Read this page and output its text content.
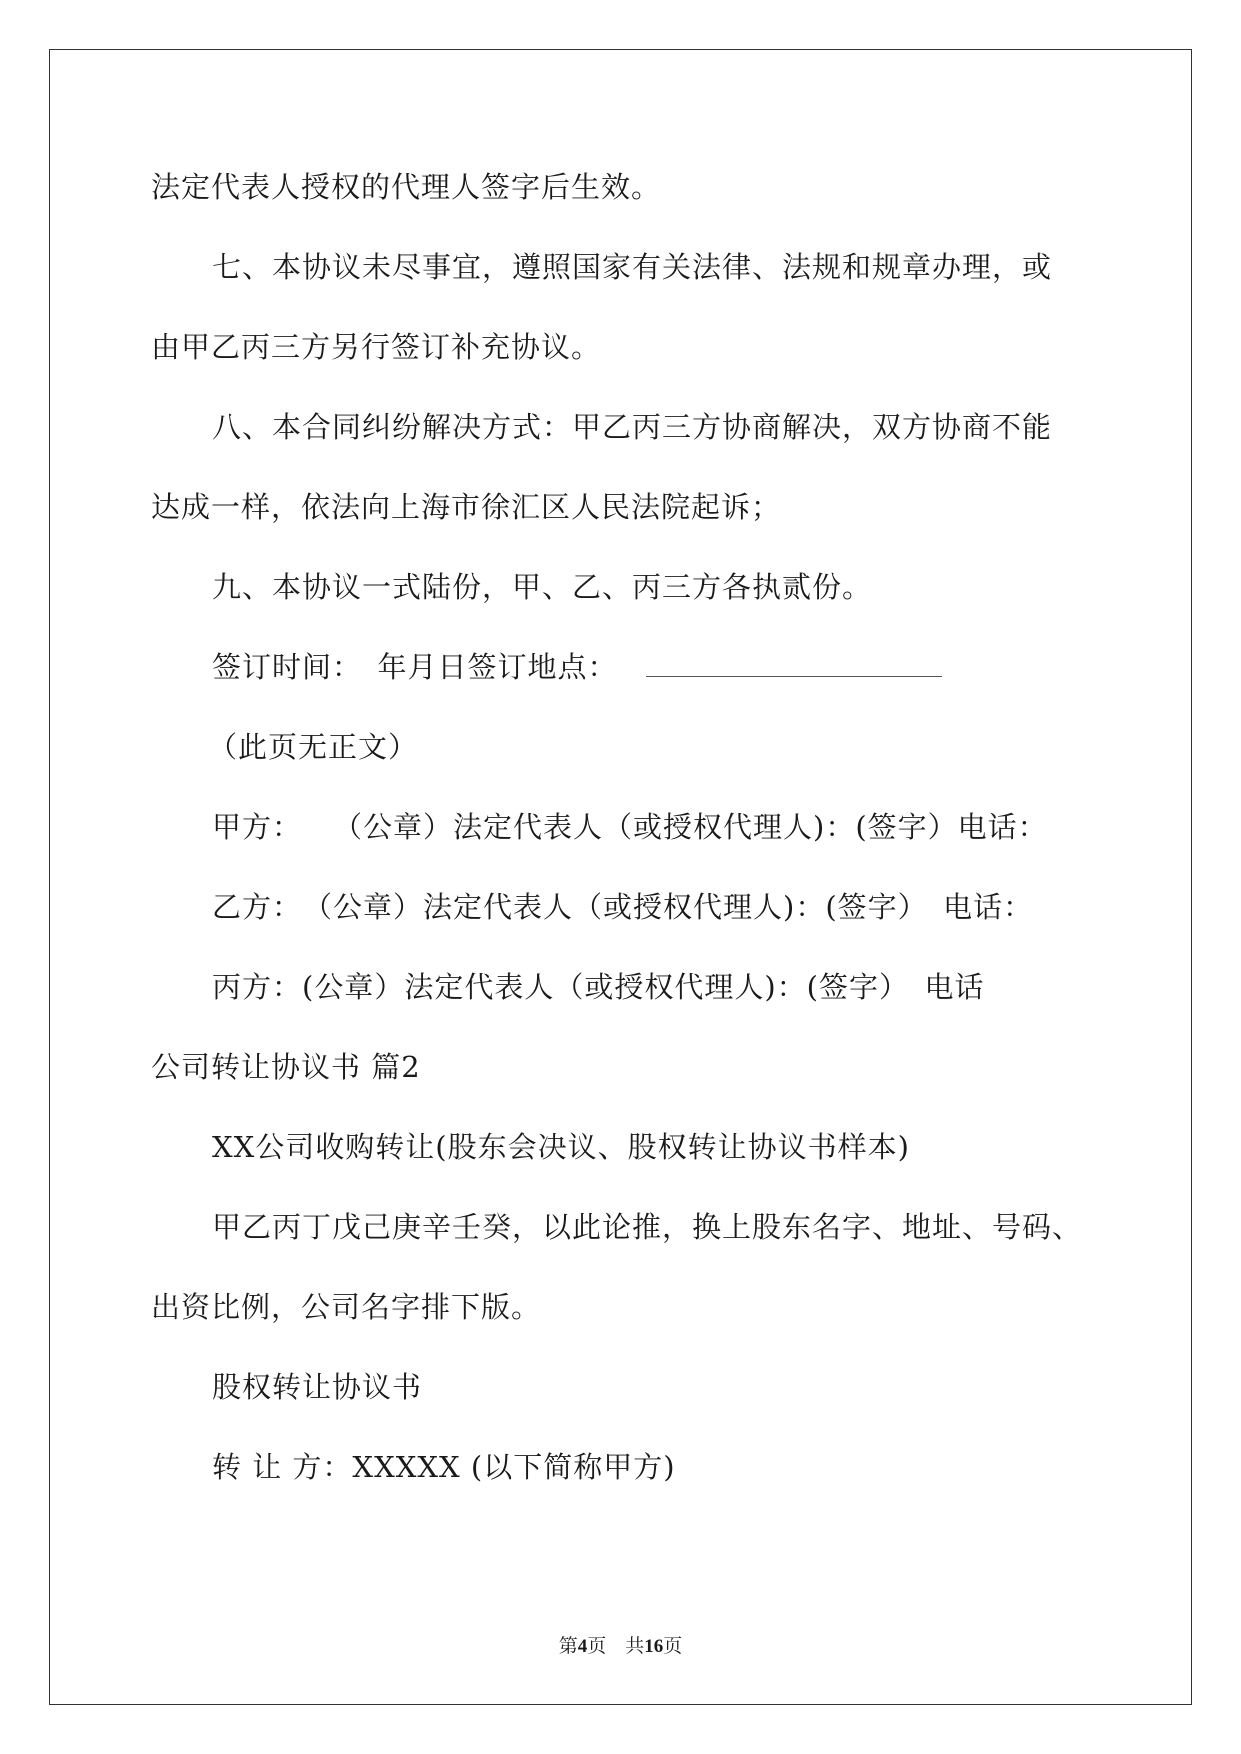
法定代表人授权的代理人签字后生效。
七、本协议未尽事宜，遵照国家有关法律、法规和规章办理，或
由甲乙丙三方另行签订补充协议。
八、本合同纠纷解决方式：甲乙丙三方协商解决，双方协商不能
达成一样，依法向上海市徐汇区人民法院起诉；
九、本协议一式陆份，甲、乙、丙三方各执贰份。
签订时间：　年月日签订地点：
（此页无正文）
甲方：　　（公章）法定代表人（或授权代理人)：(签字）电话：
乙方：　（公章）法定代表人（或授权代理人)：(签字）　电话：
丙方：(公章）法定代表人（或授权代理人)：(签字）　电话
公司转让协议书 篇2
XX公司收购转让(股东会决议、股权转让协议书样本)
甲乙丙丁戊己庚辛壬癸，以此论推，换上股东名字、地址、号码、
出资比例，公司名字排下版。
股权转让协议书
转 让 方：XXXXX (以下简称甲方)
第4页　共16页
